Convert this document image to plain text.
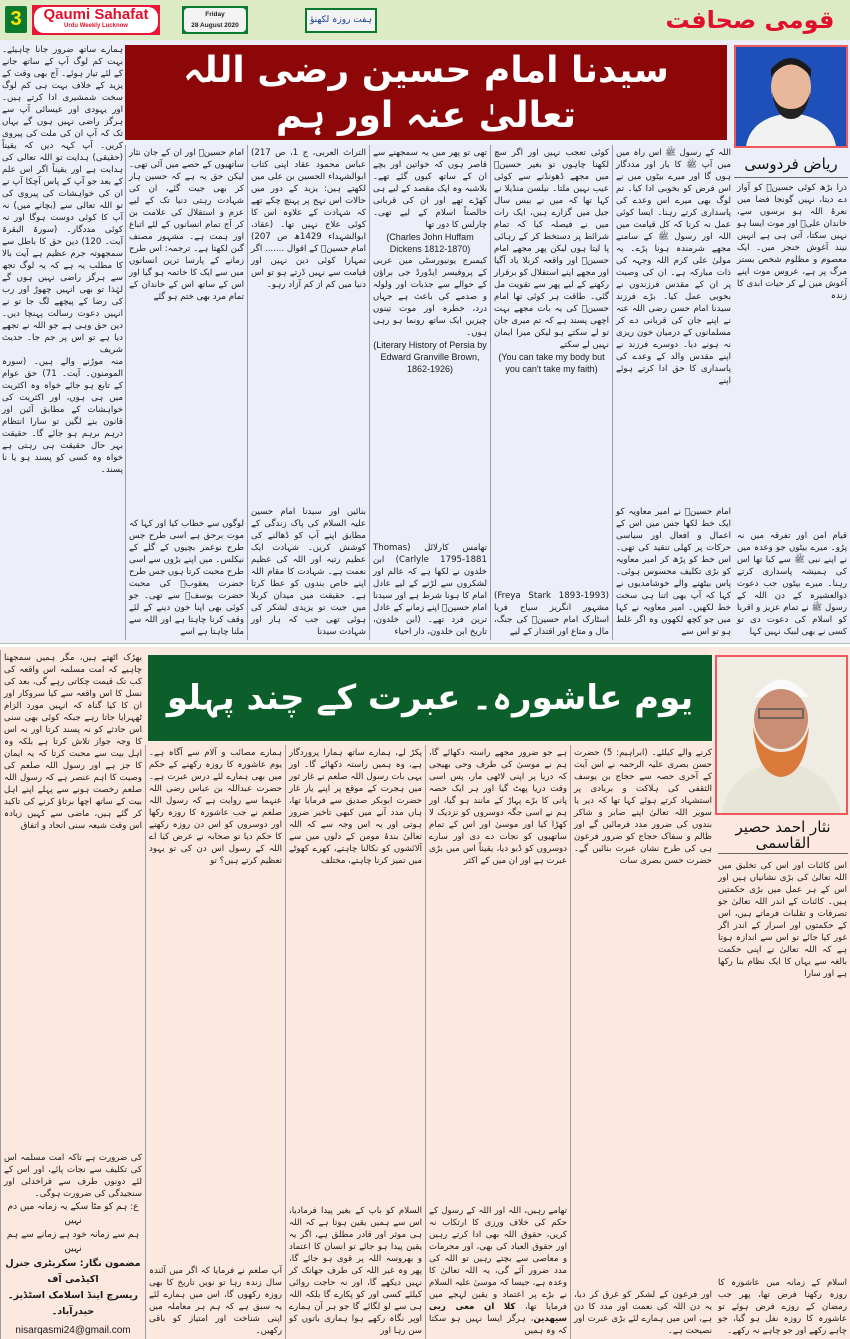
3	Qaumi Sahafat
Urdu Weekly Lucknow
Friday
28 August 2020
ہفت روزہ لکھنؤ	قومی صحافت
سیدنا امام حسین رضی اللہ تعالیٰ عنہ اور ہم
ریاض فردوسی

ذرا بڑھ کوئی حسینؓ کو آواز دے دیتا، نہیں گونجا فضا میں نعرۂ اللہ ہو برسوں سے، خاندان علیؓ اور موت ایسا ہو نہیں سکتا، آتی ہی ہے انہیں نیند آغوش خنجر میں۔ ایک معصوم و مظلوم شخص بستر مرگ پر ہے، عروس موت اپنے آغوش میں لے کر حیات ابدی کا زندہ

قیام امن اور تفرقہ میں نہ پڑو۔ میرے بیٹوں جو وعدہ میں نے اپنے نبی ﷺ سے کیا تھا اس کی ہمیشہ پاسداری کرتے رہنا۔ میرے بیٹوں جب دعوت ذوالعشیرہ کے دن اللہ کے رسول ﷺ نے تمام عزیز و اقربا کو اسلام کی دعوت دی تو کسی نے بھی لبیک نہیں کہا

اللہ کے رسول ﷺ اس راہ میں میں آپ ﷺ کا یار اور مددگار ہوں گا اور میرے بیٹوں میں نے اس فرض کو بخوبی ادا کیا۔ تم لوگ بھی میرے اس وعدے کی پاسداری کرتے رہنا۔ ایسا کوئی عمل نہ کرنا کہ کل قیامت میں اللہ اور رسول ﷺ کے سامنے مجھے شرمندہ ہونا پڑے۔ یہ مولیٰ علی کرم اللہ وجہہ کی ذات مبارکہ ہے۔ ان کی وصیت پر ان کے مقدس فرزندوں نے بخوبی عمل کیا۔ بڑے فرزند سیدنا امام حسن رضی اللہ عنہ نے اپنے جان کی قربانی دے کر مسلمانوں کے درمیان خون ریزی نہ ہونے دیا۔ دوسرے فرزند نے اپنے مقدس والد کے وعدے کی پاسداری کا حق ادا کرتے ہوئے اپنے

امام حسینؓ نے امیر معاویہ کو ایک خط لکھا جس میں اس کے اعمال و افعال اور سیاسی حرکات پر کھلی تنقید کی تھی۔ اس خط کو پڑھ کر امیر معاویہ کو بڑی تکلیف محسوس ہوئی۔ پاس بیٹھنے والے خوشامدیوں نے کہا کہ آپ بھی اتنا ہی سخت خط لکھیں۔ امیر معاویہ نے کہا میں جو کچھ لکھوں وہ اگر غلط ہو تو اس سے

کوئی تعجب نہیں اور اگر سچ لکھنا چاہوں تو بغیر حسینؓ میں مجھے ڈھونڈنے سے کوئی عیب نہیں ملتا۔ نیلسن منڈیلا نے کہا تھا کہ میں نے بیس سال جیل میں گزارے ہیں، ایک رات میں نے فیصلہ کیا کہ تمام شرائط پر دستخط کر کے رہائی پا لیتا ہوں لیکن پھر مجھے امام حسینؓ اور واقعہ کربلا یاد آگیا اور مجھے اپنے استقلال کو برقرار رکھنے کے لیے پھر سے تقویت مل گئی۔ طاقت ہر کوئی تھا امام حسینؓ کی یہ بات مجھے بہت اچھی پسند ہے کہ تم میری جان تو لے سکتے ہو لیکن میرا ایمان نہیں لے سکتے

(You can take my body but you can't take my faith)

(Freya Stark 1893-1993) مشہور انگریز سیاح فریا اسٹارک امام حسینؓ کی جنگ، مال و متاع اور اقتدار کے لیے

تھی تو پھر میں یہ سمجھنے سے قاصر ہوں کہ خواتین اور بچے ان کے ساتھ کیوں گئے تھے۔ بلاشبہ وہ ایک مقصد کے لیے ہی کھڑے تھے اور ان کی قربانی خالصتاً اسلام کے لیے تھی۔ چارلس کا دور تھا

(Charles John Huffam Dickens 1812-1870)

کیمبرج یونیورسٹی میں عربی کے پروفیسر ایڈورڈ جی براؤن کے حوالے سے جذبات اور ولولہ و صدمے کی باعث ہے جہاں درد، خطرہ اور موت تینوں چیزیں ایک ساتھ رونما ہو رہی ہوں۔

(Literary History of Persia by Edward Granville Brown, 1862-1926)

تھامس کارلائل (Thomas Carlyle 1795-1881) ابن خلدون نے لکھا ہے کہ عالم اور لشکروں سے لڑنے کے لیے عادل امام کا ہونا شرط ہے اور سیدنا امام حسینؓ اپنے زمانے کے عادل ترین فرد تھے۔ (ابن خلدون، تاریخ ابن خلدون، دار احیاء

التراث العربی، ج 1، ص 217) عباس محمود عقاد اپنی کتاب ابوالشہداء الحسین بن علی میں لکھتے ہیں: یزید کے دور میں حالات اس نہج پر پہنچ چکے تھے کہ شہادت کے علاوہ اس کا کوئی علاج نہیں تھا۔ (عقاد، ابوالشہداء 1429ھ ص 207) امام حسینؓ کے اقوال ....... اگر تمہارا کوئی دین نہیں اور قیامت سے نہیں ڈرتے ہو تو اس دنیا میں کم از کم آزاد رہو۔

بنائیں اور سیدنا امام حسین علیہ السلام کی پاک زندگی کے مطابق اپنے آپ کو ڈھالنے کی کوشش کریں۔ شہادت ایک عظیم رتبہ اور اللہ کی عظیم نعمت ہے۔ شہادت کا مقام اللہ اپنے خاص بندوں کو عطا کرتا ہے۔ حقیقت میں میدان کربلا میں جیت تو یزیدی لشکر کی ہوئی تھی جب کہ ہار اور شہادت سیدنا

امام حسینؓ اور ان کے جان نثار ساتھیوں کے حصے میں آئی تھی۔ لیکن حق یہ ہے کہ حسین ہار کر بھی جیت گئے، ان کی شہادت رہتی دنیا تک کے لیے عزم و استقلال کی علامت بن کر آج تمام انسانوں کے لئے اتباع اور ہمت ہے۔ مشہور مصنف گبن لکھتا ہے۔ ترجمہ: اس طرح زمانے کے پارسا ترین انسانوں میں سے ایک کا خاتمہ ہو گیا اور اس کے ساتھ اس کے خاندان کے تمام مرد بھی ختم ہو گئے

لوگوں سے خطاب کیا اور کہا کہ موت برحق ہے اسی طرح جس طرح نوعمر بچیوں کے گلے کے نیکلس۔ میں اپنے بڑوں سے اسی طرح محبت کرتا ہوں جس طرح حضرت یعقوبؑ کی محبت حضرت یوسفؑ سے تھی۔ جو کوئی بھی اپنا خون دینے کے لئے وقف کرنا چاہتا ہے اور اللہ سے ملنا چاہتا ہے اسے

ہمارے ساتھ ضرور جانا چاہیئے۔ بہت کم لوگ آپ کے ساتھ جانے کے لئے تیار ہوئے۔ آج بھی وقت کے یزید کے خلاف بہت ہی کم لوگ سخت شمشیری ادا کرتے ہیں۔ اور یہودی اور عیسائی آپ سے ہرگز راضی نہیں ہوں گے یہاں تک کہ آپ ان کی ملت کی پیروی کریں۔ آپ کہہ دیں کہ یقیناً (حقیقی) ہدایت تو اللہ تعالی کی ہدایت ہے اور یقیناً اگر اس علم کے بعد جو آپ کے پاس آچکا آپ نے ان کی خواہشات کی پیروی کی تو اللہ تعالی سے (بچانے میں) نہ آپ کا کوئی دوست ہوگا اور نہ کوئی مددگار۔ (سورۃ البقرۃ آیت۔ 120) دین حق کا باطل سے سمجھوتہ جرم عظیم ہے آیت بالا کا مطلب یہ ہے کہ یہ لوگ تجھ سے ہرگز راضی نہیں ہوں گے لہٰذا تو بھی انہیں چھوڑ اور رب کی رضا کے پیچھے لگ جا تو نے انہیں دعوت رسالت پہنچا دیں۔ دین حق وہی ہے جو اللہ نے تجھے دیا ہے تو اس پر جم جا۔ حدیث شریف

منہ موڑنے والے ہیں۔ (سورہ المومنون۔ آیت۔ 71) حق عوام کے تابع ہو جائے خواہ وہ اکثریت میں ہی ہوں، اور اکثریت کی خواہشات کے مطابق آئین اور قانون بنے لگیں تو سارا انتظام درہم برہم ہو جائے گا۔ حقیقت بہر حال حقیقت ہی رہتی ہے خواہ وہ کسی کو پسند ہو یا نا پسند۔

یوم عاشورہ۔ عبرت کے چند پہلو
نثار احمد حصیر القاسمی

اس کائنات اور اس کی تخلیق میں اللہ تعالیٰ کی بڑی نشانیاں ہیں اور اس کے ہر عمل میں بڑی حکمتیں ہیں۔ کائنات کے اندر اللہ تعالیٰ جو تصرفات و تقلبات فرماتے ہیں، اس کے حکمتوں اور اسرار کے اندر اگر غور کیا جائے تو اس سے اندازہ ہوتا ہے کہ اللہ تعالیٰ نے اپنی حکمت بالغہ سے یہاں کا ایک نظام بنا رکھا ہے اور سارا

اسلام کے زمانہ میں عاشورہ کا روزہ رکھنا فرض تھا، پھر جب رمضان کے روزے فرض ہوئے تو عاشورہ کا روزہ نفل ہو گیا، جو چاہے رکھے اور جو چاہے نہ رکھے۔

کرنے والے کیلئے۔ (ابراہیم: 5) حضرت حسن بصری علیہ الرحمہ نے اس آیت کے آخری حصہ سے حجاج بن یوسف الثقفی کی ہلاکت و بربادی پر استشہاد کرتے ہوئے کہا تھا کہ دیر یا سویر اللہ تعالیٰ اپنے صابر و شاکر بندوں کی ضرور مدد فرمائیں گے اور ظالم و سفاک حجاج کو ضرور فرعون ہی کی طرح نشان عبرت بنائیں گے۔ حضرت حسن بصری سات

اور فرعون کے لشکر کو غرق کر دیا، یہ دن اللہ کی نعمت اور مدد کا دن ہے، اس میں ہمارے لئے بڑی عبرت اور نصیحت ہے۔

ہے جو ضرور مجھے راستہ دکھائے گا، ہم نے موسیٰ کی طرف وحی بھیجی کہ دریا پر اپنی لاٹھی مار، پس اسی وقت دریا پھٹ گیا اور ہر ایک حصہ پانی کا بڑے پہاڑ کے مانند ہو گیا، اور ہم نے اسی جگہ دوسروں کو نزدیک لا کھڑا کیا اور موسیٰ اور اس کے تمام ساتھیوں کو نجات دے دی اور سارے دوسروں کو ڈبو دیا، یقیناً اس میں بڑی عبرت ہے اور ان میں کے اکثر

تھامے رہیں، اللہ اور اللہ کے رسول کے حکم کی خلاف ورزی کا ارتکاب نہ کریں، حقوق اللہ بھی ادا کرتے رہیں اور حقوق العباد کی بھی، اور محرمات و معاصی سے بچتے رہیں تو اللہ کی مدد ضرور آئے گی، یہ اللہ تعالیٰ کا وعدہ ہے، جیسا کہ موسیٰ علیہ السلام نے بڑے پر اعتماد و یقین لہجے میں فرمایا تھا، کلا ان معی ربی سیھدین، ہرگز ایسا نہیں ہو سکتا کہ وہ ہمیں

پکڑ لے، ہمارے ساتھ ہمارا پروردگار ہے، وہ ہمیں راستہ دکھائے گا۔ اور یہی بات رسول اللہ صلعم نے غار ثور میں ہجرت کے موقع پر اپنے یار غار حضرت ابوبکر صدیق سے فرمایا تھا، ہاں مدد آنے میں کبھی تاخیر ضرور ہوتی اور یہ اس وجہ سے کہ اللہ تعالیٰ بندۂ مومن کے دلوں میں سے آلائشوں کو نکالنا چاہتے، کھرے کھوٹے میں تمیز کرنا چاہتے، مختلف

السلام کو باپ کے بغیر پیدا فرمادیا، اس سے ہمیں یقین ہوتا ہے کہ اللہ ہی موثر اور قادر مطلق ہے، اگر یہ یقین پیدا ہو جائے تو انسان کا اعتماد و بھروسہ اللہ پر قوی ہو جائے گا، پھر وہ غیر اللہ کی طرف جھانک کر نہیں دیکھے گا، اور نہ حاجت روائی کیلئے کسی اور کو پکارے گا بلکہ اللہ ہی سے لو لگائے گا جو ہر آن ہمارے اوپر نگاہ رکھے ہوا ہماری باتوں کو سن رہا اور

ہمارے مصائب و آلام سے آگاہ ہے۔ یوم عاشورہ کا روزہ رکھنے کے حکم میں بھی ہمارے لئے درس عبرت ہے۔ حضرت عبداللہ بن عباس رضی اللہ عنہما سے روایت ہے کہ رسول اللہ صلعم نے جب عاشورہ کا روزہ رکھا اور دوسروں کو اس دن روزہ رکھنے کا حکم دیا تو صحابہ نے عرض کیا اے اللہ کے رسول اس دن کی تو یہود تعظیم کرتے ہیں؟ تو

آپ صلعم نے فرمایا کہ اگر میں آئندہ سال زندہ رہا تو نویں تاریخ کا بھی روزہ رکھوں گا، اس میں ہمارے لئے یہ سبق ہے کہ ہم ہر معاملہ میں اپنی شناخت اور امتیاز کو باقی رکھیں۔

بھڑک اٹھتے ہیں، مگر ہمیں سمجھنا چاہیے کہ امت مسلمہ اس واقعہ کی کب تک قیمت چکاتی رہے گی، بعد کی نسل کا اس واقعہ سے کیا سروکار اور ان کا کیا گناہ کہ انہیں مورد الزام ٹھہرایا جاتا رہے جبکہ کوئی بھی سنی اس حادثے کو نہ پسند کرتا اور نہ اس کا وجہ جواز تلاش کرتا ہے بلکہ وہ اہل بیت سے محبت کرتا کہ یہ ایمان کا جز ہے اور رسول اللہ صلعم کی وصیت کا اہم عنصر ہے کہ رسول اللہ صلعم رخصت ہونے سے پہلے اپنے اہل بیت کے ساتھ اچھا برتاؤ کرنے کی تاکید کر گئے ہیں، ماضی سے کہیں زیادہ اس وقت شیعہ سنی اتحاد و اتفاق

کی ضرورت ہے تاکہ امت مسلمہ اس کی تکلیف سے نجات پائے، اور اس کے لئے دونوں طرف سے فراخدلی اور سنجیدگی کی ضرورت ہوگی۔

ع: ہم کو مٹا سکے یہ زمانہ میں دم نہیں

ہم سے زمانہ خود ہے زمانے سے ہم نہیں

مضمون نگار: سکریٹری جنرل اکیڈمی آف

ریسرچ اینڈ اسلامک اسٹڈیز۔ حیدرآباد۔

nisarqasmi24@gmail.com
